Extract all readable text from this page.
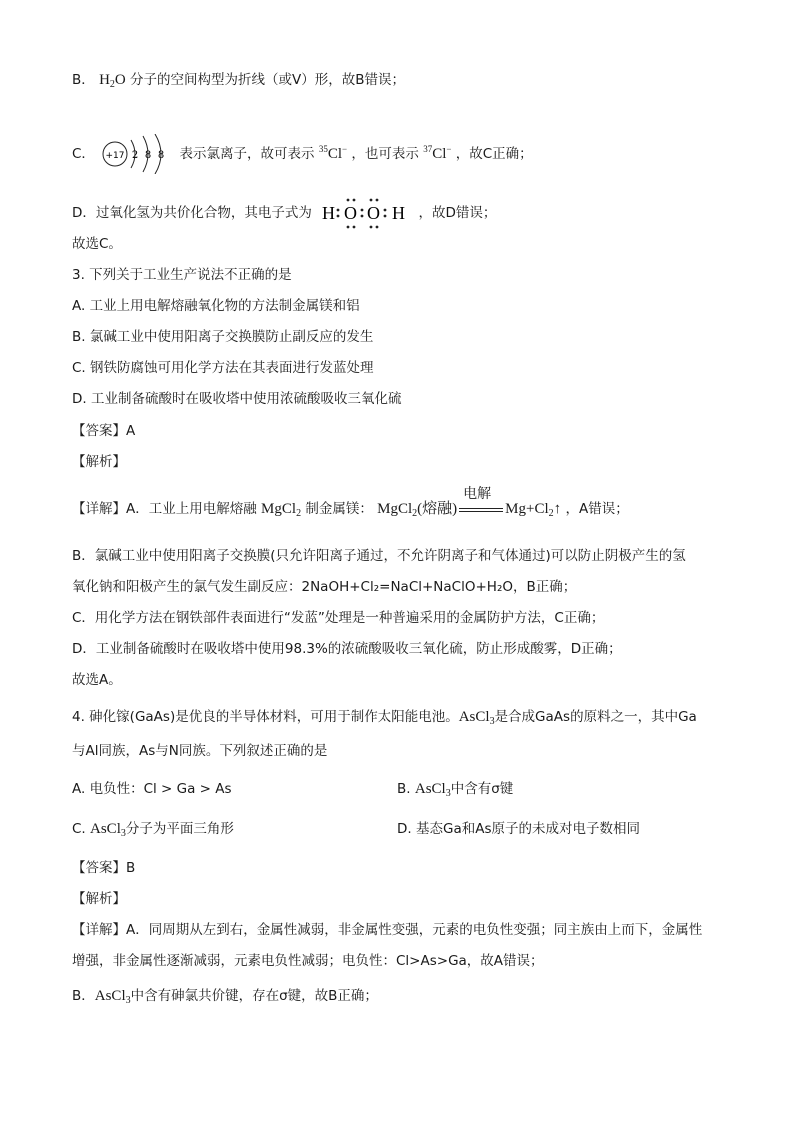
B． $H_2O$ 分子的空间构型为折线（或V）形，故B错误；
C． +17 2 8 8 表示氯离子，故可表示 $^{35}$Cl− ，也可表示 $^{37}$Cl− ，故C正确；
D．过氧化氢为共价化合物，其电子式为 H O O H ，故D错误；
故选C。
3. 下列关于工业生产说法不正确的是
A. 工业上用电解熔融氧化物的方法制金属镁和铝
B. 氯碱工业中使用阳离子交换膜防止副反应的发生
C. 钢铁防腐蚀可用化学方法在其表面进行发蓝处理
D. 工业制备硫酸时在吸收塔中使用浓硫酸吸收三氧化硫
【答案】A
【解析】
【详解】A．工业上用电解熔融 MgCl$_2$ 制金属镁： MgCl$_2$(熔融)
电解
$Mg+Cl_2↑$ ，A错误；
B．氯碱工业中使用阳离子交换膜(只允许阳离子通过，不允许阴离子和气体通过)可以防止阴极产生的氢
氧化钠和阳极产生的氯气发生副反应：2NaOH+Cl₂=NaCl+NaClO+H₂O，B正确；
C．用化学方法在钢铁部件表面进行“发蓝”处理是一种普遍采用的金属防护方法，C正确；
D．工业制备硫酸时在吸收塔中使用98.3%的浓硫酸吸收三氧化硫，防止形成酸雾，D正确；
故选A。
4. 砷化镓(GaAs)是优良的半导体材料，可用于制作太阳能电池。AsCl$_3$是合成GaAs的原料之一，其中Ga
与Al同族，As与N同族。下列叙述正确的是
A. 电负性：Cl > Ga > As	B. AsCl$_3$中含有σ键
C. AsCl$_3$分子为平面三角形	D. 基态Ga和As原子的未成对电子数相同
【答案】B
【解析】
【详解】A．同周期从左到右，金属性减弱，非金属性变强，元素的电负性变强；同主族由上而下，金属性
增强，非金属性逐渐减弱，元素电负性减弱；电负性：Cl>As>Ga，故A错误；
B．AsCl$_3$中含有砷氯共价键，存在σ键，故B正确；
